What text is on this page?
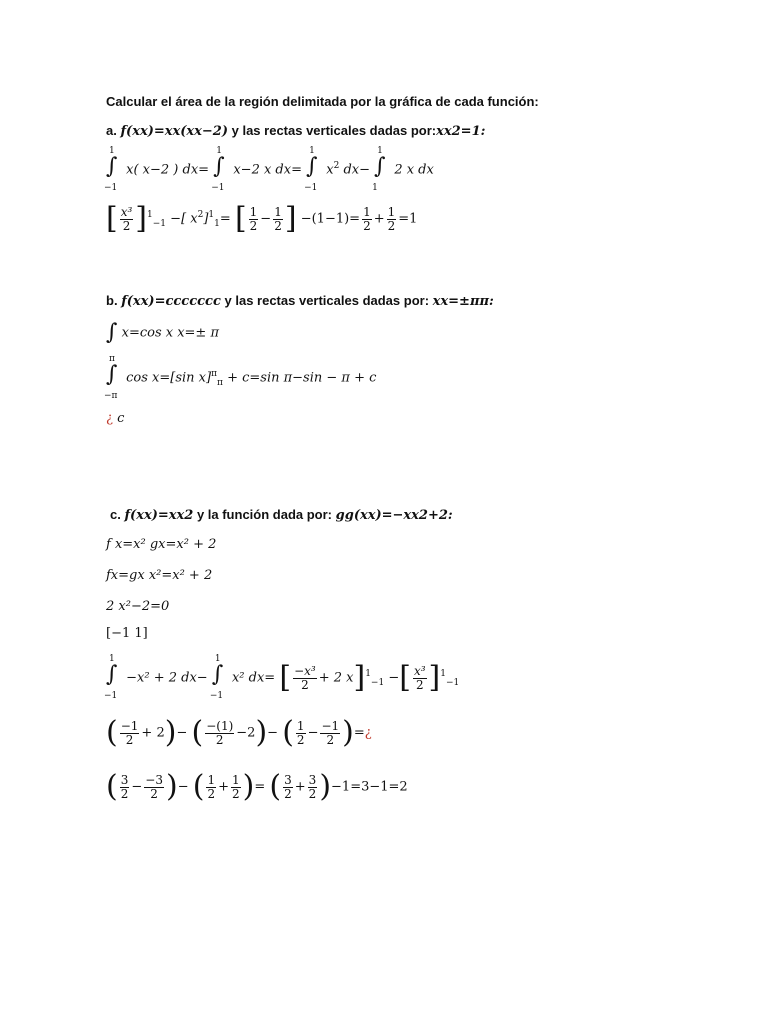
Calcular el área de la región delimitada por la gráfica de cada función:
a. f(xx)=xx(xx−2) y las rectas verticales dadas por:xx2=1:
∫
1
−1
x( x−2 ) dx= ∫
1
−1
x−2 x dx= ∫
1
−1
$x^2$ dx− ∫
1
1
2 x dx
[ $\frac{\text{x³}}{2} ]^1_{-1}$ −[ $x^2]^1_1=$ [ $\frac{1}{2} - \frac{1}{2}$ ] $-(1-1)= \frac{1}{2} + \frac{1}{2} =1$
b. f(xx)=ccccccc y las rectas verticales dadas por: xx=±ππ:
∫ x=cos x x=± π
∫
π
−π
cos x=[sin x]$^\pi_\pi$ + c=sin π−sin − π + c
¿ c
c. f(xx)=xx2 y la función dada por: gg(xx)=−xx2+2:
f x=x² gx=x² + 2
fx=gx x²=x² + 2
2 x²−2=0
[−1 1]
∫
1
−1
−x² + 2 dx− ∫
1
−1
x² dx= [ $\frac{\text{−x³}}{2} + 2$ x]$^1_{-1}$ −[ $\frac{\text{x³}}{2} ]^1_{-1}$
( $\frac{-1}{2} + 2)-$ ( $\frac{-(1)}{2} -2)-$ ( $\frac{1}{2} - \frac{-1}{2}$ )=¿
( $\frac{3}{2} - \frac{-3}{2}$ )− ( $\frac{1}{2} + \frac{1}{2}$ )= ( $\frac{3}{2} + \frac{3}{2} )-1=3-1=2$
